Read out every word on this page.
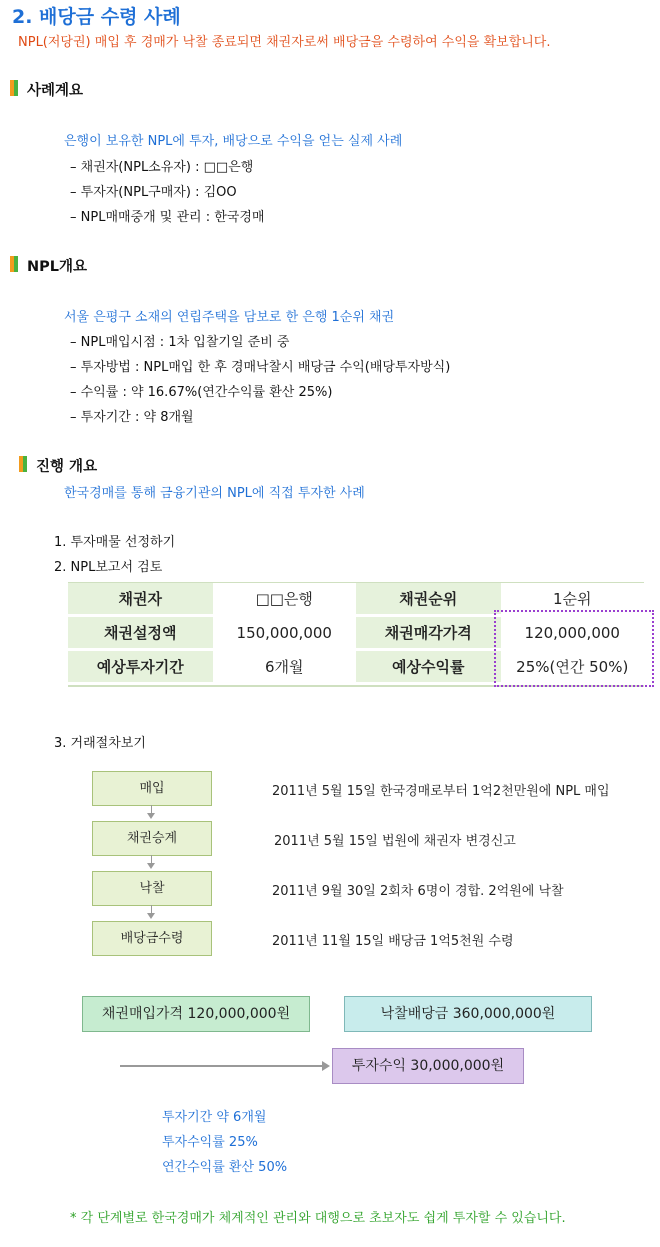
2. 배당금 수령 사례
NPL(저당권) 매입 후 경매가 낙찰 종료되면 채권자로써 배당금을 수령하여 수익을 확보합니다.
사례계요
은행이 보유한 NPL에 투자, 배당으로 수익을 얻는 실제 사례
– 채권자(NPL소유자) : □□은행
– 투자자(NPL구매자) : 김OO
– NPL매매중개 및 관리 : 한국경매
NPL개요
서울 은평구 소재의 연립주택을 담보로 한 은행 1순위 채권
– NPL매입시점 : 1차 입찰기일 준비 중
– 투자방법 : NPL매입 한 후 경매낙찰시 배당금 수익(배당투자방식)
– 수익률 : 약 16.67%(연간수익률 환산 25%)
– 투자기간 : 약 8개월
진행 개요
한국경매를 통해 금융기관의 NPL에 직접 투자한 사례
1. 투자매물 선정하기
2. NPL보고서 검토
채권자	□□은행	채권순위	1순위
채권설정액	150,000,000	채권매각가격	120,000,000
예상투자기간	6개월	예상수익률	25%(연간 50%)
3. 거래절차보기
매입	2011년 5월 15일 한국경매로부터 1억2천만원에 NPL 매입
채권승계	2011년 5월 15일 법원에 채권자 변경신고
낙찰	2011년 9월 30일 2회차 6명이 경합. 2억원에 낙찰
배당금수령	2011년 11월 15일 배당금 1억5천원 수령
채권매입가격 120,000,000원	낙찰배당금 360,000,000원
투자수익 30,000,000원
투자기간 약 6개월
투자수익률 25%
연간수익률 환산 50%
* 각 단계별로 한국경매가 체계적인 관리와 대행으로 초보자도 쉽게 투자할 수 있습니다.
